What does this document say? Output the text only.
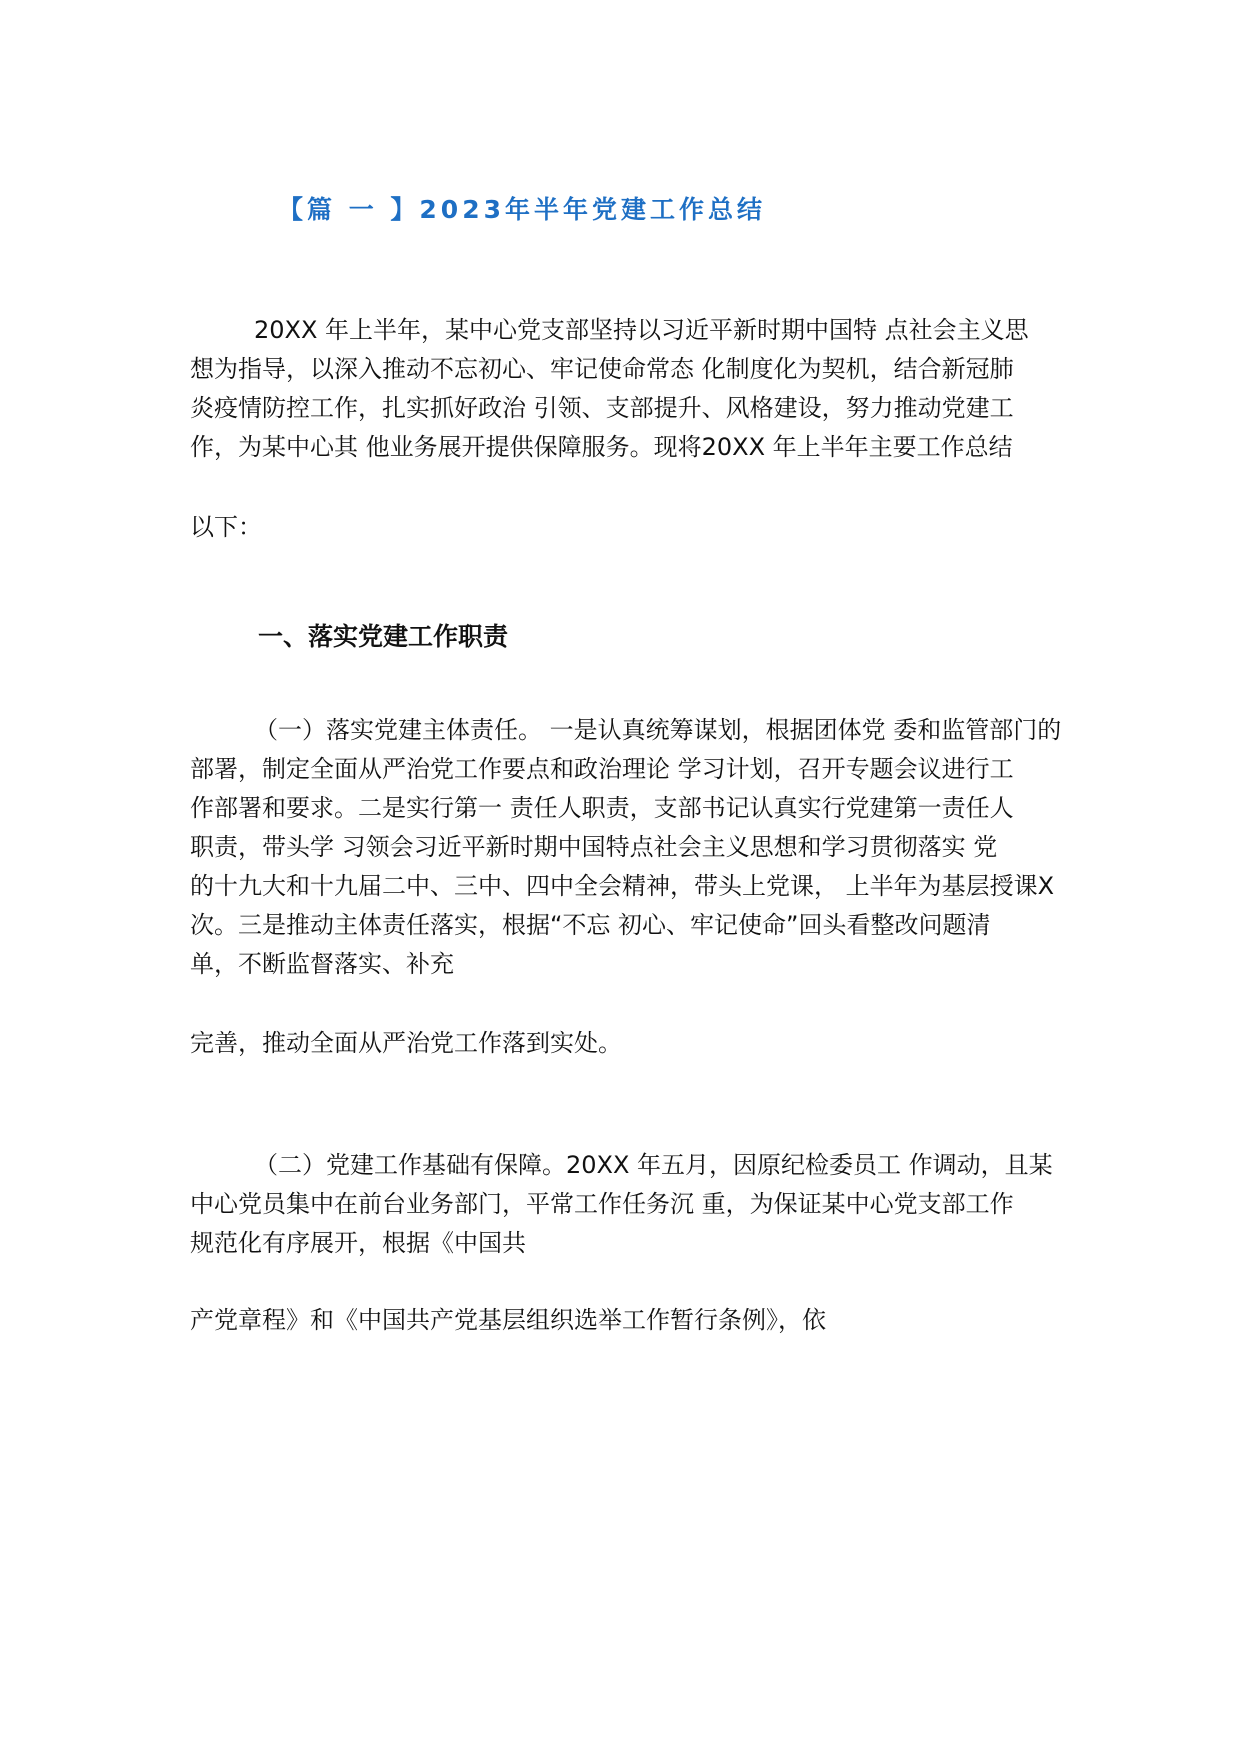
【篇 一 】2023年半年党建工作总结
20XX 年上半年，某中心党支部坚持以习近平新时期中国特 点社会主义思
想为指导，以深入推动不忘初心、牢记使命常态 化制度化为契机，结合新冠肺
炎疫情防控工作，扎实抓好政治 引领、支部提升、风格建设，努力推动党建工
作，为某中心其 他业务展开提供保障服务。现将20XX 年上半年主要工作总结
以下：
一、落实党建工作职责
（一）落实党建主体责任。 一是认真统筹谋划，根据团体党 委和监管部门的
部署，制定全面从严治党工作要点和政治理论 学习计划，召开专题会议进行工
作部署和要求。二是实行第一 责任人职责，支部书记认真实行党建第一责任人
职责，带头学 习领会习近平新时期中国特点社会主义思想和学习贯彻落实 党
的十九大和十九届二中、三中、四中全会精神，带头上党课， 上半年为基层授课X
次。三是推动主体责任落实，根据“不忘 初心、牢记使命”回头看整改问题清
单，不断监督落实、补充
完善，推动全面从严治党工作落到实处。
（二）党建工作基础有保障。20XX 年五月，因原纪检委员工 作调动，且某
中心党员集中在前台业务部门，平常工作任务沉 重，为保证某中心党支部工作
规范化有序展开，根据《中国共
产党章程》和《中国共产党基层组织选举工作暂行条例》，依
